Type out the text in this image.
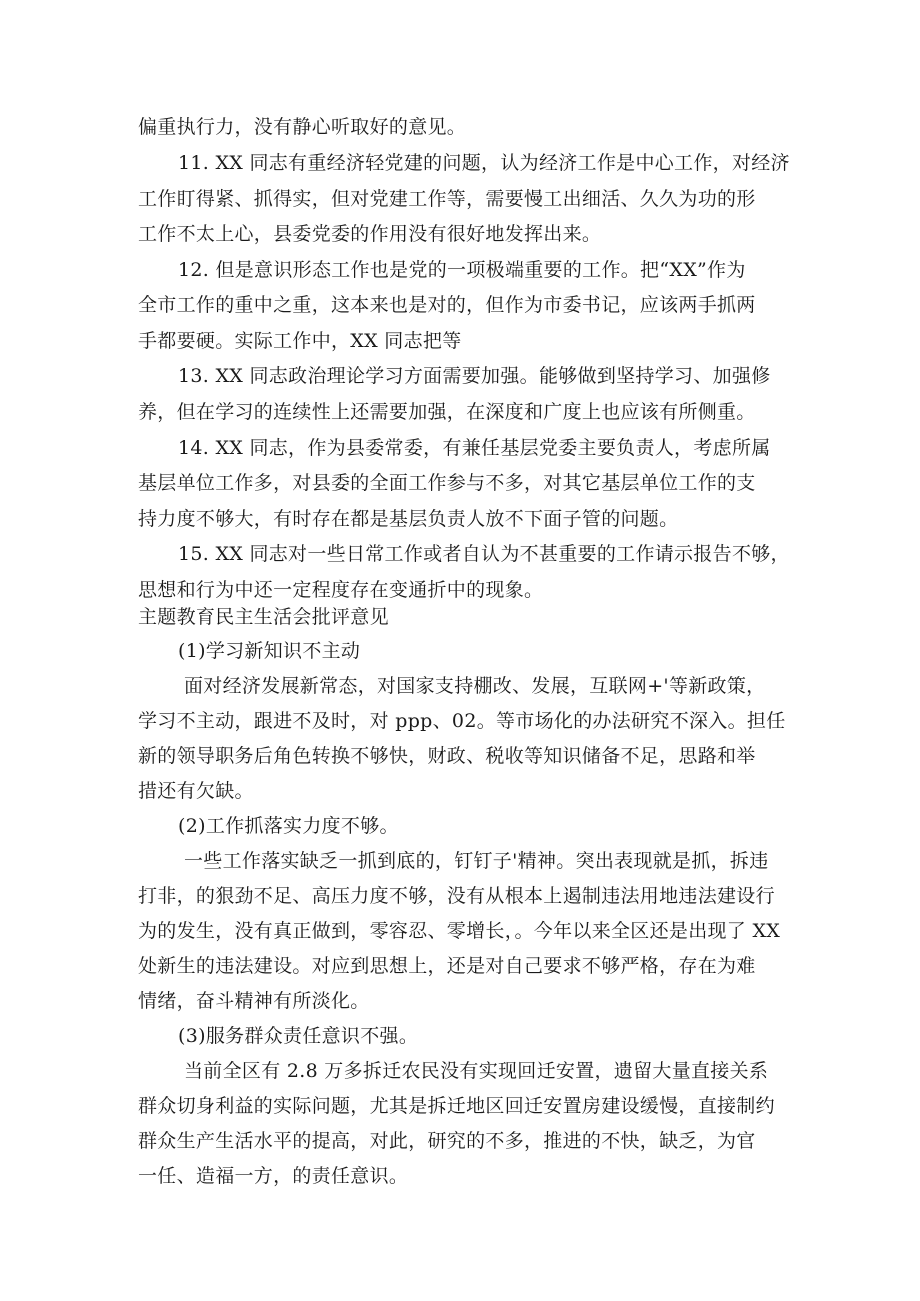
偏重执行力，没有静心听取好的意见。
11. XX 同志有重经济轻党建的问题，认为经济工作是中心工作，对经济
工作盯得紧、抓得实，但对党建工作等，需要慢工出细活、久久为功的形
工作不太上心，县委党委的作用没有很好地发挥出来。
12. 但是意识形态工作也是党的一项极端重要的工作。把“XX”作为
全市工作的重中之重，这本来也是对的，但作为市委书记，应该两手抓两
手都要硬。实际工作中，XX 同志把等
13. XX 同志政治理论学习方面需要加强。能够做到坚持学习、加强修
养，但在学习的连续性上还需要加强，在深度和广度上也应该有所侧重。
14. XX 同志，作为县委常委，有兼任基层党委主要负责人，考虑所属
基层单位工作多，对县委的全面工作参与不多，对其它基层单位工作的支
持力度不够大，有时存在都是基层负责人放不下面子管的问题。
15. XX 同志对一些日常工作或者自认为不甚重要的工作请示报告不够，
思想和行为中还一定程度存在变通折中的现象。
主题教育民主生活会批评意见
(1)学习新知识不主动
面对经济发展新常态，对国家支持棚改、发展，互联网+'等新政策，
学习不主动，跟进不及时，对 ppp、02。等市场化的办法研究不深入。担任
新的领导职务后角色转换不够快，财政、税收等知识储备不足，思路和举
措还有欠缺。
(2)工作抓落实力度不够。
一些工作落实缺乏一抓到底的，钉钉子'精神。突出表现就是抓，拆违
打非，的狠劲不足、高压力度不够，没有从根本上遏制违法用地违法建设行
为的发生，没有真正做到，零容忍、零增长，。今年以来全区还是出现了 XX
处新生的违法建设。对应到思想上，还是对自己要求不够严格，存在为难
情绪，奋斗精神有所淡化。
(3)服务群众责任意识不强。
当前全区有 2.8 万多拆迁农民没有实现回迁安置，遗留大量直接关系
群众切身利益的实际问题，尤其是拆迁地区回迁安置房建设缓慢，直接制约
群众生产生活水平的提高，对此，研究的不多，推进的不快，缺乏，为官
一任、造福一方，的责任意识。
